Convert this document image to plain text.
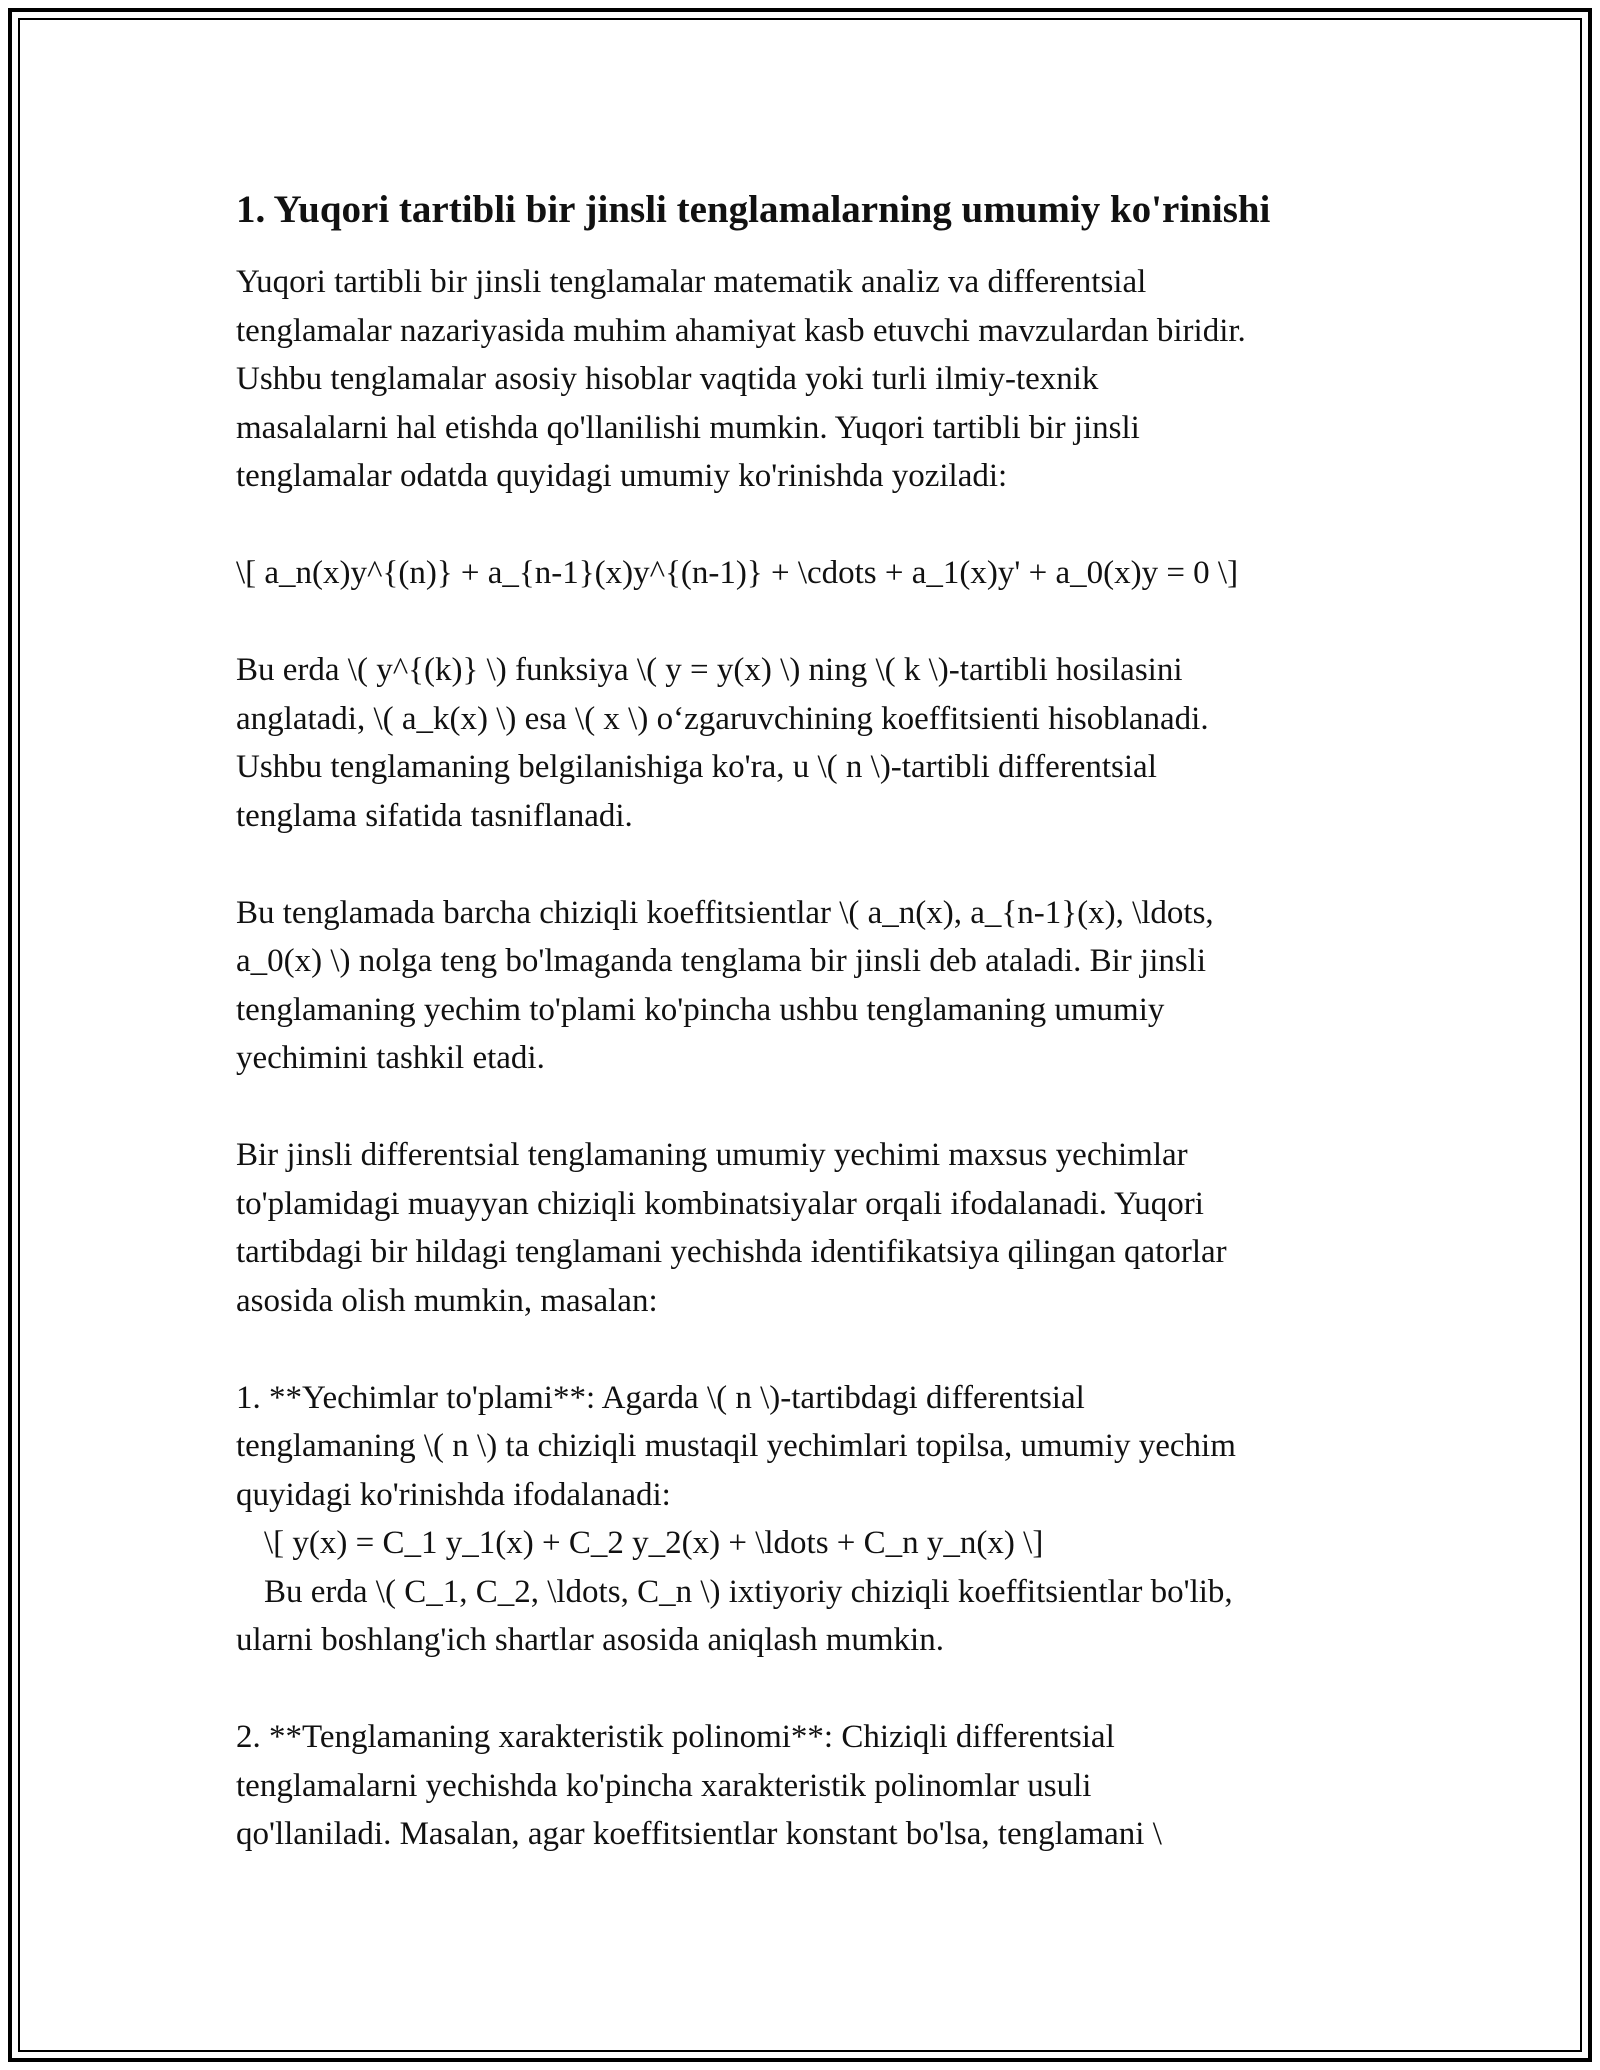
1. Yuqori tartibli bir jinsli tenglamalarning umumiy ko'rinishi

Yuqori tartibli bir jinsli tenglamalar matematik analiz va differentsial
tenglamalar nazariyasida muhim ahamiyat kasb etuvchi mavzulardan biridir.
Ushbu tenglamalar asosiy hisoblar vaqtida yoki turli ilmiy-texnik
masalalarni hal etishda qo'llanilishi mumkin. Yuqori tartibli bir jinsli
tenglamalar odatda quyidagi umumiy ko'rinishda yoziladi:

\[ a_n(x)y^{(n)} + a_{n-1}(x)y^{(n-1)} + \cdots + a_1(x)y' + a_0(x)y = 0 \]

Bu erda \( y^{(k)} \) funksiya \( y = y(x) \) ning \( k \)-tartibli hosilasini
anglatadi, \( a_k(x) \) esa \( x \) o‘zgaruvchining koeffitsienti hisoblanadi.
Ushbu tenglamaning belgilanishiga ko'ra, u \( n \)-tartibli differentsial
tenglama sifatida tasniflanadi.

Bu tenglamada barcha chiziqli koeffitsientlar \( a_n(x), a_{n-1}(x), \ldots,
a_0(x) \) nolga teng bo'lmaganda tenglama bir jinsli deb ataladi. Bir jinsli
tenglamaning yechim to'plami ko'pincha ushbu tenglamaning umumiy
yechimini tashkil etadi.

Bir jinsli differentsial tenglamaning umumiy yechimi maxsus yechimlar
to'plamidagi muayyan chiziqli kombinatsiyalar orqali ifodalanadi. Yuqori
tartibdagi bir hildagi tenglamani yechishda identifikatsiya qilingan qatorlar
asosida olish mumkin, masalan:

1. **Yechimlar to'plami**: Agarda \( n \)-tartibdagi differentsial
tenglamaning \( n \) ta chiziqli mustaqil yechimlari topilsa, umumiy yechim
quyidagi ko'rinishda ifodalanadi:

\[ y(x) = C_1 y_1(x) + C_2 y_2(x) + \ldots + C_n y_n(x) \]

Bu erda \( C_1, C_2, \ldots, C_n \) ixtiyoriy chiziqli koeffitsientlar bo'lib,

ularni boshlang'ich shartlar asosida aniqlash mumkin.

2. **Tenglamaning xarakteristik polinomi**: Chiziqli differentsial
tenglamalarni yechishda ko'pincha xarakteristik polinomlar usuli
qo'llaniladi. Masalan, agar koeffitsientlar konstant bo'lsa, tenglamani \
